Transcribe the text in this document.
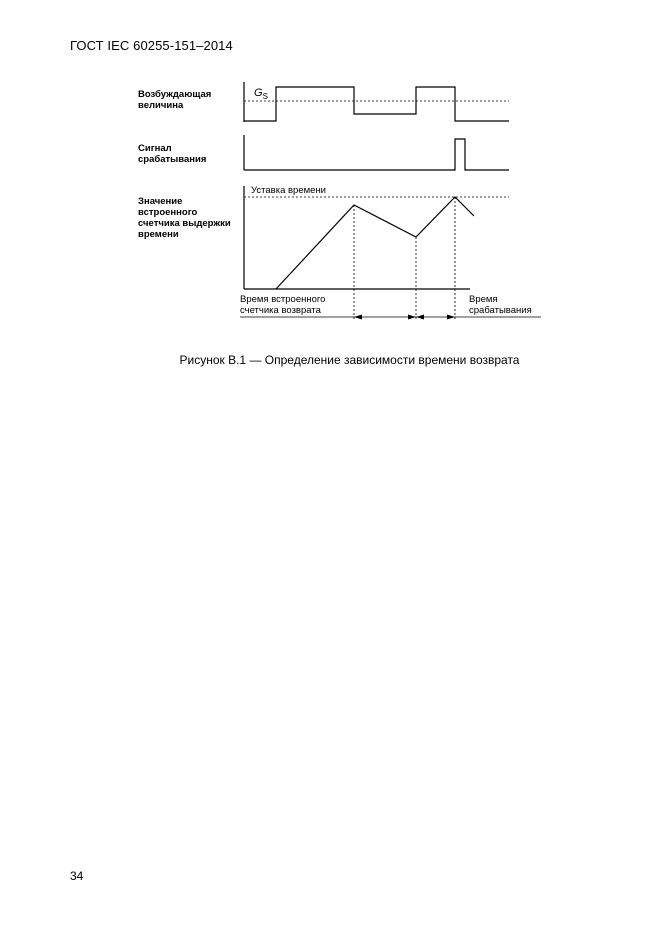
ГОСТ IEC 60255-151–2014
$G_S$
Возбуждающая величина
Сигнал срабатывания
Значение встроенного счетчика выдержки времени
Уставка времени
Время встроенного счетчика возврата
Время срабатывания
Рисунок В.1 — Определение зависимости времени возврата
34
